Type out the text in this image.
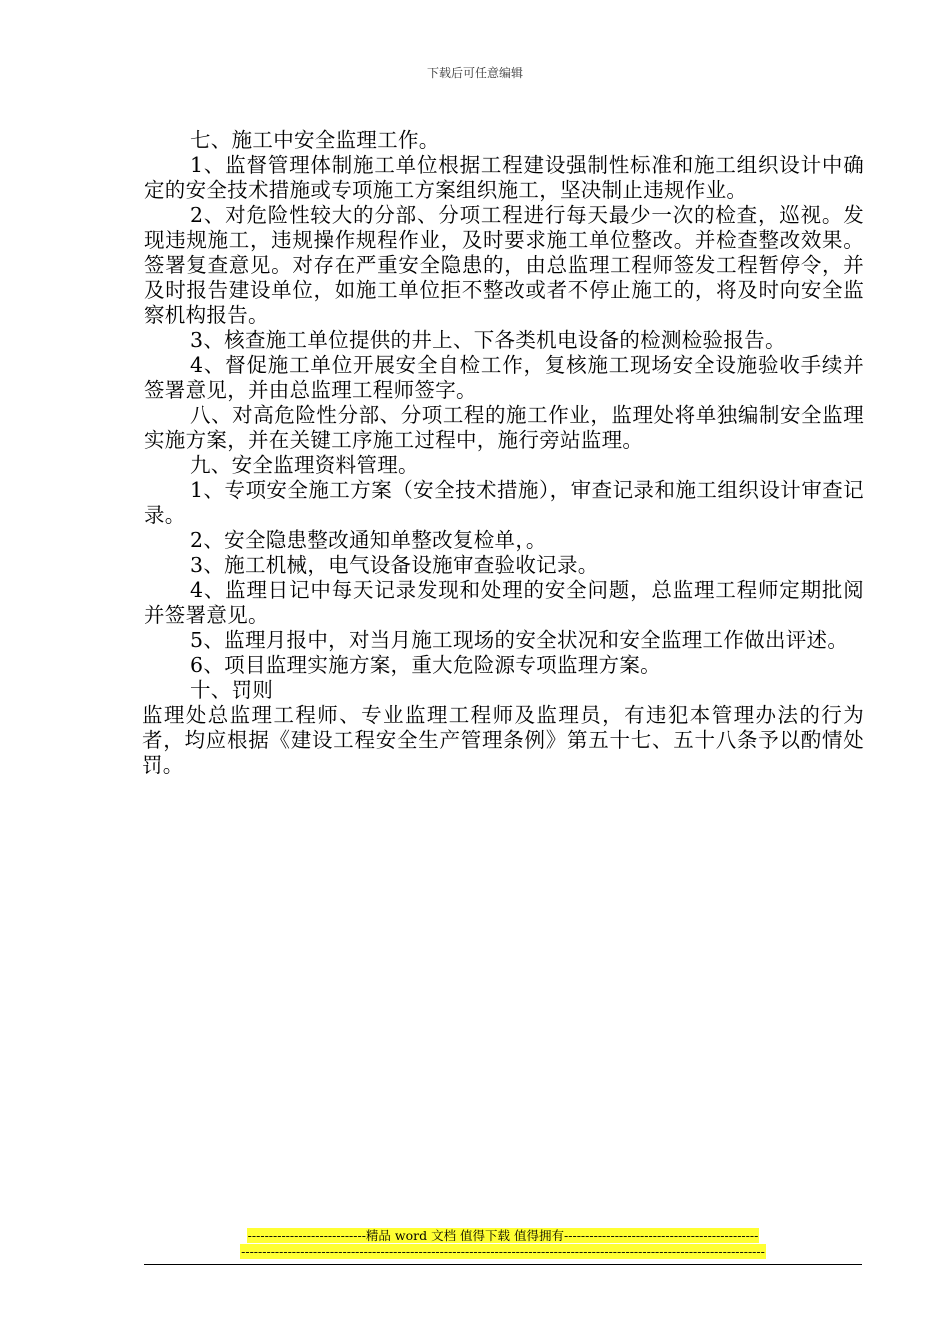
下载后可任意编辑

七、施工中安全监理工作。

1、监督管理体制施工单位根据工程建设强制性标准和施工组织设计中确定的安全技术措施或专项施工方案组织施工，坚决制止违规作业。

2、对危险性较大的分部、分项工程进行每天最少一次的检查，巡视。发现违规施工，违规操作规程作业，及时要求施工单位整改。并检查整改效果。签署复查意见。对存在严重安全隐患的，由总监理工程师签发工程暂停令，并及时报告建设单位，如施工单位拒不整改或者不停止施工的，将及时向安全监察机构报告。

3、核查施工单位提供的井上、下各类机电设备的检测检验报告。

4、督促施工单位开展安全自检工作，复核施工现场安全设施验收手续并签署意见，并由总监理工程师签字。

八、对高危险性分部、分项工程的施工作业，监理处将单独编制安全监理实施方案，并在关键工序施工过程中，施行旁站监理。

九、安全监理资料管理。

1、专项安全施工方案（安全技术措施），审查记录和施工组织设计审查记录。

2、安全隐患整改通知单整改复检单，。

3、施工机械，电气设备设施审查验收记录。

4、监理日记中每天记录发现和处理的安全问题，总监理工程师定期批阅并签署意见。

5、监理月报中，对当月施工现场的安全状况和安全监理工作做出评述。

6、项目监理实施方案，重大危险源专项监理方案。

十、罚则

监理处总监理工程师、专业监理工程师及监理员，有违犯本管理办法的行为者，均应根据《建设工程安全生产管理条例》第五十七、五十八条予以酌情处罚。

----------------------------精品 word 文档 值得下载 值得拥有----------------------------------------------
----------------------------------------------------------------------------------------------------------------------------
